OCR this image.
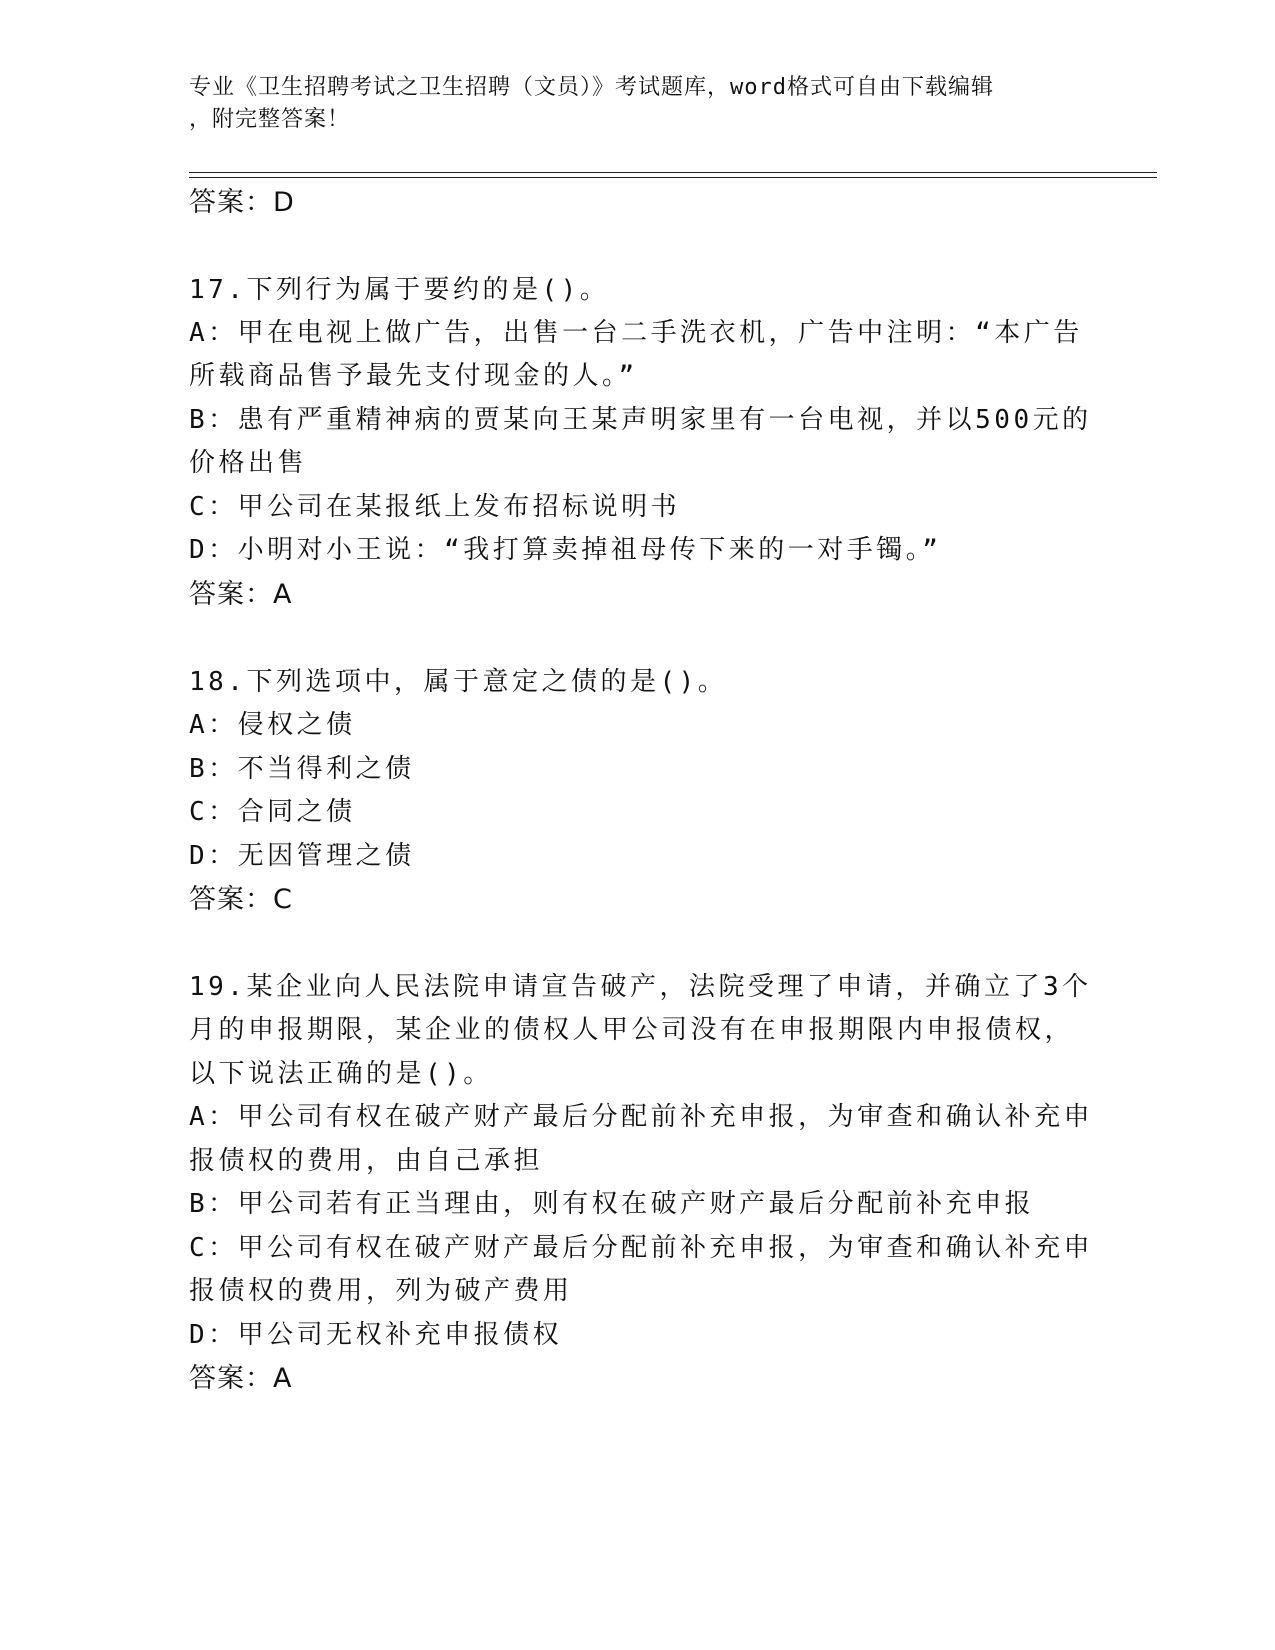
专业《卫生招聘考试之卫生招聘（文员）》考试题库，word格式可自由下载编辑
，附完整答案！
答案：D
17.下列行为属于要约的是()。
A：甲在电视上做广告，出售一台二手洗衣机，广告中注明：“本广告
所载商品售予最先支付现金的人。”
B：患有严重精神病的贾某向王某声明家里有一台电视，并以500元的
价格出售
C：甲公司在某报纸上发布招标说明书
D：小明对小王说：“我打算卖掉祖母传下来的一对手镯。”
答案：A
18.下列选项中，属于意定之债的是()。
A：侵权之债
B：不当得利之债
C：合同之债
D：无因管理之债
答案：C
19.某企业向人民法院申请宣告破产，法院受理了申请，并确立了3个
月的申报期限，某企业的债权人甲公司没有在申报期限内申报债权，
以下说法正确的是()。
A：甲公司有权在破产财产最后分配前补充申报，为审查和确认补充申
报债权的费用，由自己承担
B：甲公司若有正当理由，则有权在破产财产最后分配前补充申报
C：甲公司有权在破产财产最后分配前补充申报，为审查和确认补充申
报债权的费用，列为破产费用
D：甲公司无权补充申报债权
答案：A
